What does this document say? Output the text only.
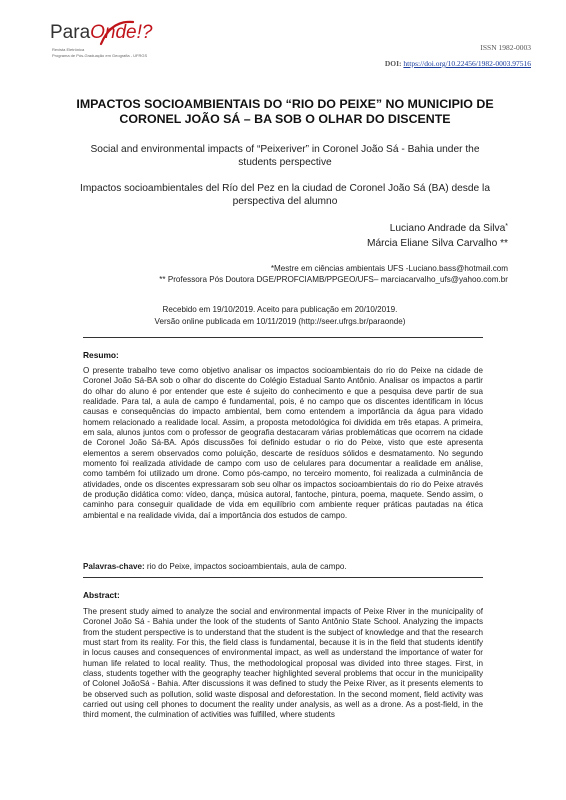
ParaOnde!?
Revista Eletrônica
Programa de Pós-Graduação em Geografia - UFRGS
ISSN 1982-0003
DOI: https://doi.org/10.22456/1982-0003.97516
IMPACTOS SOCIOAMBIENTAIS DO “RIO DO PEIXE” NO MUNICIPIO DE CORONEL JOÃO SÁ – BA SOB O OLHAR DO DISCENTE
Social and environmental impacts of “Peixeriver” in Coronel João Sá - Bahia under the students perspective
Impactos socioambientales del Río del Pez en la ciudad de Coronel João Sá (BA) desde la perspectiva del alumno
Luciano Andrade da Silva*
Márcia Eliane Silva Carvalho **
*Mestre em ciências ambientais UFS -Luciano.bass@hotmail.com
** Professora Pós Doutora DGE/PROFCIAMB/PPGEO/UFS– marciacarvalho_ufs@yahoo.com.br
Recebido em 19/10/2019. Aceito para publicação em 20/10/2019.
Versão online publicada em 10/11/2019 (http://seer.ufrgs.br/paraonde)
Resumo:
O presente trabalho teve como objetivo analisar os impactos socioambientais do rio do Peixe na cidade de Coronel João Sá-BA sob o olhar do discente do Colégio Estadual Santo Antônio. Analisar os impactos a partir do olhar do aluno é por entender que este é sujeito do conhecimento e que a pesquisa deve partir de sua realidade. Para tal, a aula de campo é fundamental, pois, é no campo que os discentes identificam in lócus causas e consequências do impacto ambiental, bem como entendem a importância da água para vidado homem relacionado a realidade local. Assim, a proposta metodológica foi dividida em três etapas. A primeira, em sala, alunos juntos com o professor de geografia destacaram várias problemáticas que ocorrem na cidade de Coronel João Sá-BA. Após discussões foi definido estudar o rio do Peixe, visto que este apresenta elementos a serem observados como poluição, descarte de resíduos sólidos e desmatamento. No segundo momento foi realizada atividade de campo com uso de celulares para documentar a realidade em análise, como também foi utilizado um drone. Como pós-campo, no terceiro momento, foi realizada a culminância de atividades, onde os discentes expressaram sob seu olhar os impactos socioambientais do rio do Peixe através de produção didática como: vídeo, dança, música autoral, fantoche, pintura, poema, maquete. Sendo assim, o caminho para conseguir qualidade de vida em equilíbrio com ambiente requer práticas pautadas na ética ambiental e na realidade vivida, daí a importância dos estudos de campo.
Palavras-chave: rio do Peixe, impactos socioambientais, aula de campo.
Abstract:
The present study aimed to analyze the social and environmental impacts of Peixe River in the municipality of Coronel João Sá - Bahia under the look of the students of Santo Antônio State School. Analyzing the impacts from the student perspective is to understand that the student is the subject of knowledge and that the research must start from its reality. For this, the field class is fundamental, because it is in the field that students identify in locus causes and consequences of environmental impact, as well as understand the importance of water for human life related to local reality. Thus, the methodological proposal was divided into three stages. First, in class, students together with the geography teacher highlighted several problems that occur in the municipality of Colonel JoãoSá - Bahia. After discussions it was defined to study the Peixe River, as it presents elements to be observed such as pollution, solid waste disposal and deforestation. In the second moment, field activity was carried out using cell phones to document the reality under analysis, as well as a drone. As a post-field, in the third moment, the culmination of activities was fulfilled, where students
